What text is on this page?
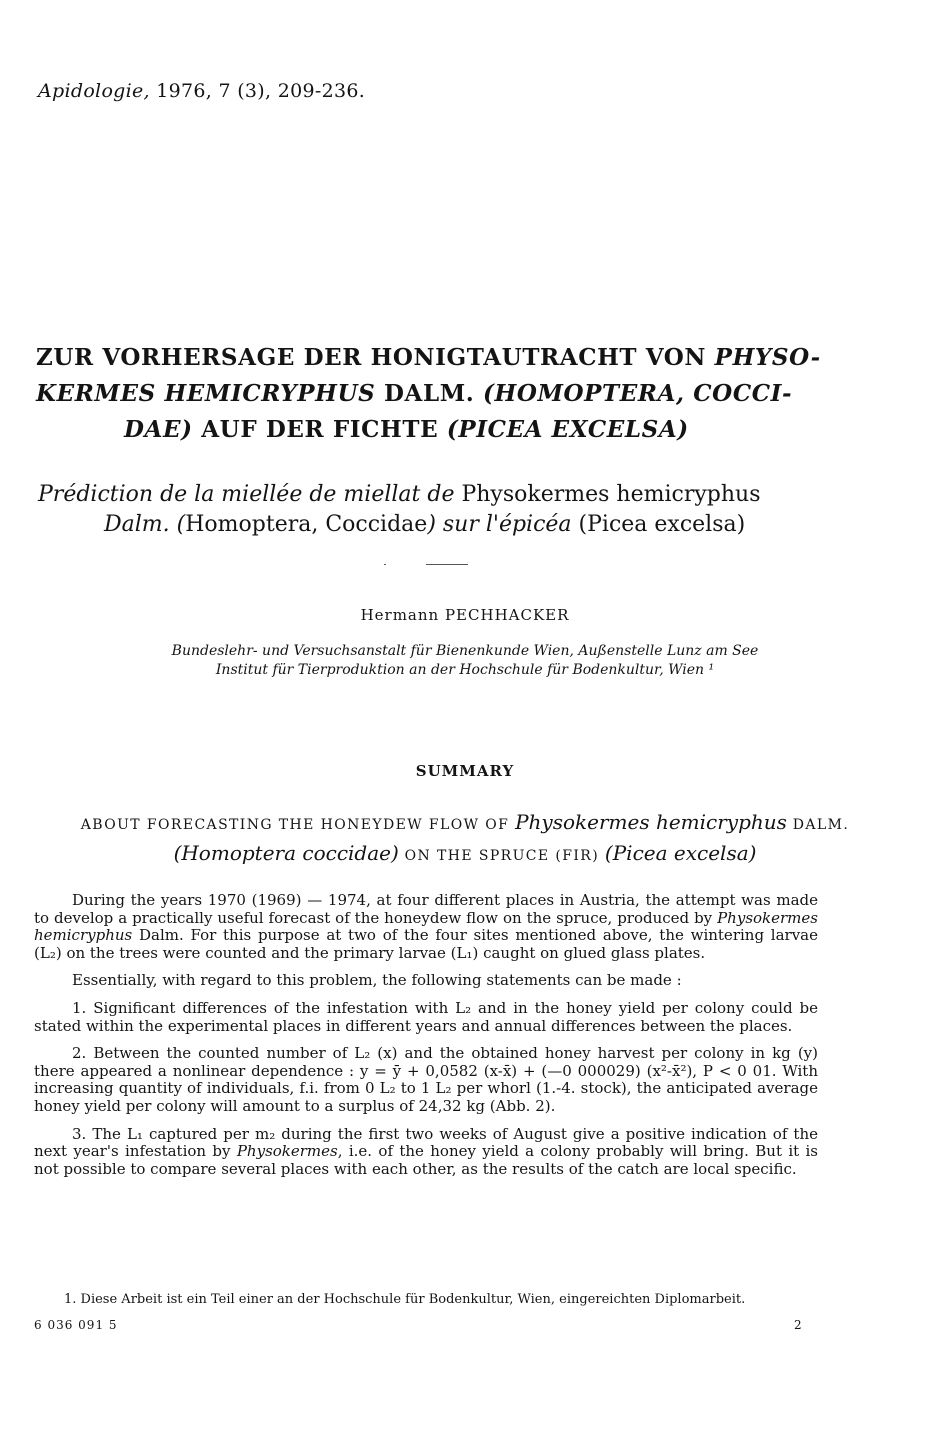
Apidologie, 1976, 7 (3), 209-236.
ZUR VORHERSAGE DER HONIGTAUTRACHT VON PHYSO-
KERMES HEMICRYPHUS DALM. (HOMOPTERA, COCCI-
DAE) AUF DER FICHTE (PICEA EXCELSA)
Prédiction de la miellée de miellat de Physokermes hemicryphus
Dalm. (Homoptera, Coccidae) sur l'épicéa (Picea excelsa)
Hermann PECHHACKER
Bundeslehr- und Versuchsanstalt für Bienenkunde Wien, Außenstelle Lunz am See
Institut für Tierproduktion an der Hochschule für Bodenkultur, Wien ¹
SUMMARY
ABOUT FORECASTING THE HONEYDEW FLOW OF Physokermes hemicryphus DALM.
(Homoptera coccidae) ON THE SPRUCE (FIR) (Picea excelsa)

During the years 1970 (1969) — 1974, at four different places in Austria, the attempt was made to develop a practically useful forecast of the honeydew flow on the spruce, produced by Physokermes hemicryphus Dalm. For this purpose at two of the four sites mentioned above, the wintering larvae (L₂) on the trees were counted and the primary larvae (L₁) caught on glued glass plates.

Essentially, with regard to this problem, the following statements can be made :

1. Significant differences of the infestation with L₂ and in the honey yield per colony could be stated within the experimental places in different years and annual differences between the places.

2. Between the counted number of L₂ (x) and the obtained honey harvest per colony in kg (y) there appeared a nonlinear dependence : y = ȳ + 0,0582 (x-x̄) + (—0 000029) (x²-x̄²), P < 0 01. With increasing quantity of individuals, f.i. from 0 L₂ to 1 L₂ per whorl (1.-4. stock), the anticipated average honey yield per colony will amount to a surplus of 24,32 kg (Abb. 2).

3. The L₁ captured per m₂ during the first two weeks of August give a positive indication of the next year's infestation by Physokermes, i.e. of the honey yield a colony probably will bring. But it is not possible to compare several places with each other, as the results of the catch are local specific.

1. Diese Arbeit ist ein Teil einer an der Hochschule für Bodenkultur, Wien, eingereichten Diplomarbeit.
6 036 091 5	2
